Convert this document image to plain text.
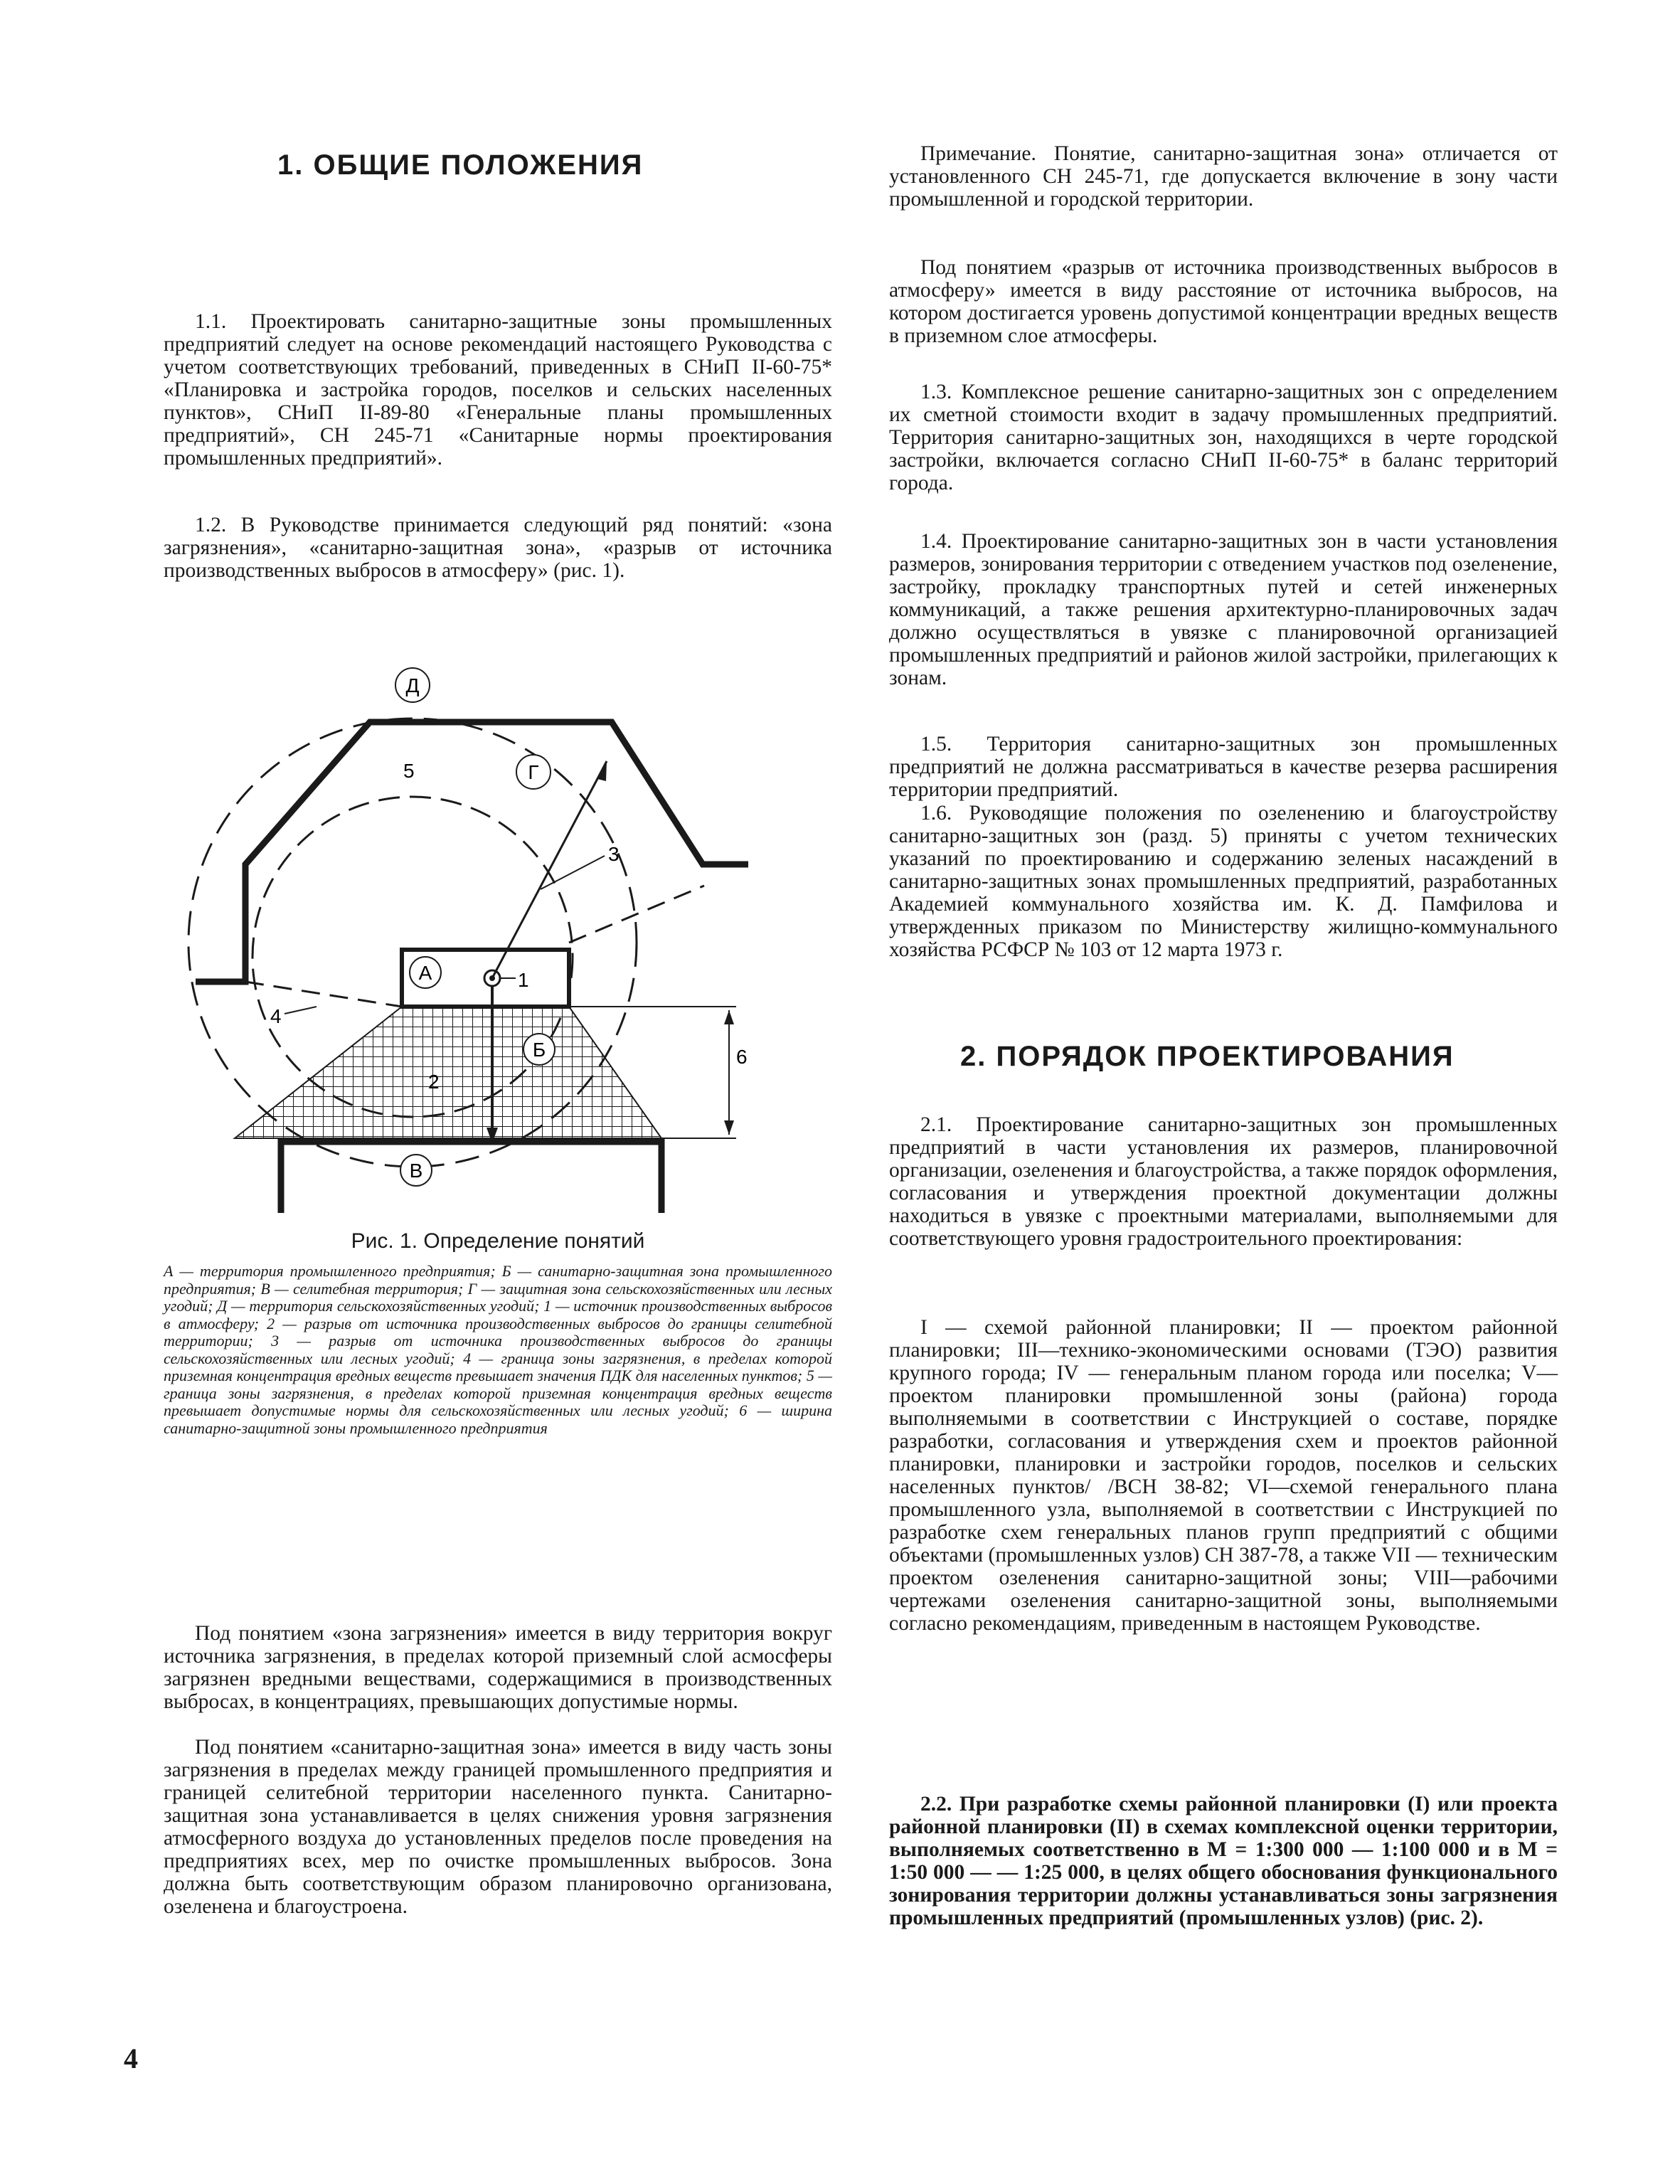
1. ОБЩИЕ ПОЛОЖЕНИЯ

1.1. Проектировать санитарно-защитные зоны промышленных предприятий следует на основе рекомендаций настоящего Руководства с учетом соответствующих требований, приведенных в СНиП II-60-75* «Планировка и застройка городов, поселков и сельских населенных пунктов», СНиП II-89-80 «Генеральные планы промышленных предприятий», СН 245-71 «Санитарные нормы проектирования промышленных предприятий».

1.2. В Руководстве принимается следующий ряд понятий: «зона загрязнения», «санитарно-защитная зона», «разрыв от источника производственных выбросов в атмосферу» (рис. 1).

А
Б
В
Г
Д
1
2
3
4
5
6

Рис. 1. Определение понятий

А — территория промышленного предприятия; Б — санитарно-защитная зона промышленного предприятия; В — селитебная территория; Г — защитная зона сельскохозяйственных или лесных угодий; Д — территория сельскохозяйственных угодий; 1 — источник производственных выбросов в атмосферу; 2 — разрыв от источника производственных выбросов до границы селитебной территории; 3 — разрыв от источника производственных выбросов до границы сельскохозяйственных или лесных угодий; 4 — граница зоны загрязнения, в пределах которой приземная концентрация вредных веществ превышает значения ПДК для населенных пунктов; 5 — граница зоны загрязнения, в пределах которой приземная концентрация вредных веществ превышает допустимые нормы для сельскохозяйственных или лесных угодий; 6 — ширина санитарно-защитной зоны промышленного предприятия

Под понятием «зона загрязнения» имеется в виду территория вокруг источника загрязнения, в пределах которой приземный слой асмосферы загрязнен вредными веществами, содержащимися в производственных выбросах, в концентрациях, превышающих допустимые нормы.

Под понятием «санитарно-защитная зона» имеется в виду часть зоны загрязнения в пределах между границей промышленного предприятия и границей селитебной территории населенного пункта. Санитарно-защитная зона устанавливается в целях снижения уровня загрязнения атмосферного воздуха до установленных пределов после проведения на предприятиях всех, мер по очистке промышленных выбросов. Зона должна быть соответствующим образом планировочно организована, озеленена и благоустроена.

Примечание. Понятие, санитарно-защитная зона» отличается от установленного СН 245-71, где допускается включение в зону части промышленной и городской территории.

Под понятием «разрыв от источника производственных выбросов в атмосферу» имеется в виду расстояние от источника выбросов, на котором достигается уровень допустимой концентрации вредных веществ в приземном слое атмосферы.

1.3. Комплексное решение санитарно-защитных зон с определением их сметной стоимости входит в задачу промышленных предприятий. Территория санитарно-защитных зон, находящихся в черте городской застройки, включается согласно СНиП II-60-75* в баланс территорий города.

1.4. Проектирование санитарно-защитных зон в части установления размеров, зонирования территории с отведением участков под озеленение, застройку, прокладку транспортных путей и сетей инженерных коммуникаций, а также решения архитектурно-планировочных задач должно осуществляться в увязке с планировочной организацией промышленных предприятий и районов жилой застройки, прилегающих к зонам.

1.5. Территория санитарно-защитных зон промышленных предприятий не должна рассматриваться в качестве резерва расширения территории предприятий.

1.6. Руководящие положения по озеленению и благоустройству санитарно-защитных зон (разд. 5) приняты с учетом технических указаний по проектированию и содержанию зеленых насаждений в санитарно-защитных зонах промышленных предприятий, разработанных Академией коммунального хозяйства им. К. Д. Памфилова и утвержденных приказом по Министерству жилищно-коммунального хозяйства РСФСР № 103 от 12 марта 1973 г.

2. ПОРЯДОК ПРОЕКТИРОВАНИЯ

2.1. Проектирование санитарно-защитных зон промышленных предприятий в части установления их размеров, планировочной организации, озеленения и благоустройства, а также порядок оформления, согласования и утверждения проектной документации должны находиться в увязке с проектными материалами, выполняемыми для соответствующего уровня градостроительного проектирования:

I — схемой районной планировки; II — проектом районной планировки; III—технико-экономическими основами (ТЭО) развития крупного города; IV — генеральным планом города или поселка; V—проектом планировки промышленной зоны (района) города выполняемыми в соответствии с Инструкцией о составе, порядке разработки, согласования и утверждения схем и проектов районной планировки, планировки и застройки городов, поселков и сельских населенных пунктов/ /ВСН 38-82; VI—схемой генерального плана промышленного узла, выполняемой в соответствии с Инструкцией по разработке схем генеральных планов групп предприятий с общими объектами (промышленных узлов) СН 387-78, а также VII — техническим проектом озеленения санитарно-защитной зоны; VIII—рабочими чертежами озеленения санитарно-защитной зоны, выполняемыми согласно рекомендациям, приведенным в настоящем Руководстве.

2.2. При разработке схемы районной планировки (I) или проекта районной планировки (II) в схемах комплексной оценки территории, выполняемых соответственно в М = 1:300 000 — 1:100 000 и в М = 1:50 000 — — 1:25 000, в целях общего обоснования функционального зонирования территории должны устанавливаться зоны загрязнения промышленных предприятий (промышленных узлов) (рис. 2).

4
